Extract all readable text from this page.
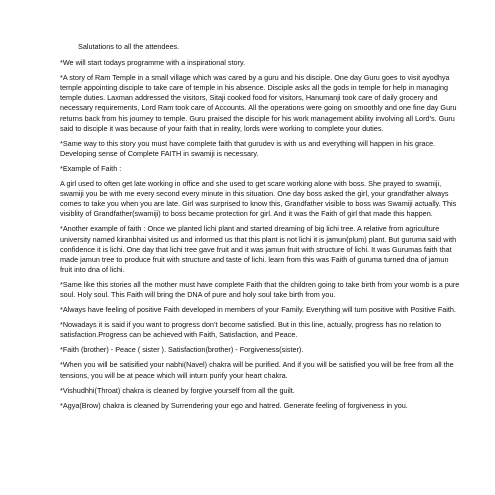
Salutations to all the attendees.

*We will start todays programme with a inspirational story.

*A story of Ram Temple in a small village which was cared by a guru and his disciple. One day Guru goes to visit ayodhya temple appointing disciple to take care of temple in his absence. Disciple asks all the gods in temple for help in managing temple duties. Laxman addressed the visitors, Sitaji cooked food for visitors, Hanumanji took care of daily grocery and necessary requirements, Lord Ram took care of Accounts. All the operations were going on smoothly and one fine day Guru returns back from his journey to temple. Guru praised the disciple for his work management ability involving all Lord’s. Guru said to disciple it was because of your faith that in reality, lords were working to complete your duties.

*Same way to this story you must have complete faith that gurudev is with us and everything will happen in his grace. Developing sense of Complete FAITH in swamiji is necessary.

*Example of Faith :

A girl used to often get late working in office and she used to get scare working alone with boss. She prayed to swamiji, swamiji you be with me every second every minute in this situation. One day boss asked the girl, your grandfather always comes to take you when you are late. Girl was surprised to know this, Grandfather visible to boss was Swamiji actually. This visiblity of Grandfather(swamiji) to boss became protection for girl. And it was the Faith of girl that made this happen.

*Another example of faith : Once we planted lichi plant and started dreaming of big lichi tree. A relative from agriculture university named kiranbhai visited us and informed us that this plant is not lichi it is jamun(plum) plant. But guruma said with confidence it is lichi. One day that lichi tree gave fruit and it was jamun fruit with structure of lichi. It was Gurumas faith that made jamun tree to produce fruit with structure and taste of lichi. learn from this was Faith of guruma turned dna of jamun fruit into dna of lichi.

*Same like this stories all the mother must have complete Faith that the children going to take birth from your womb is a pure soul. Holy soul. This Faith will bring the DNA of pure and holy soul take birth from you.

*Always have feeling of positive Faith developed in members of your Family. Everything will turn positive with Positive Faith.

*Nowadays it is said if you want to progress don’t become satisfied. But in this line, actually, progress has no relation to satisfaction.Progress can be achieved with Faith, Satisfaction, and Peace.

*Faith (brother) - Peace ( sister ). Satisfaction(brother) - Forgiveness(sister).

*When you will be satisified your nabhi(Navel) chakra will be purified. And if you will be satisfied you will be free from all the tensions, you will be at peace which will inturn purify your heart chakra.

*Vishudhhi(Throat) chakra is cleaned by forgive yourself from all the guilt.

*Agya(Brow) chakra is cleaned by Surrendering your ego and hatred. Generate feeling of forgiveness in you.
